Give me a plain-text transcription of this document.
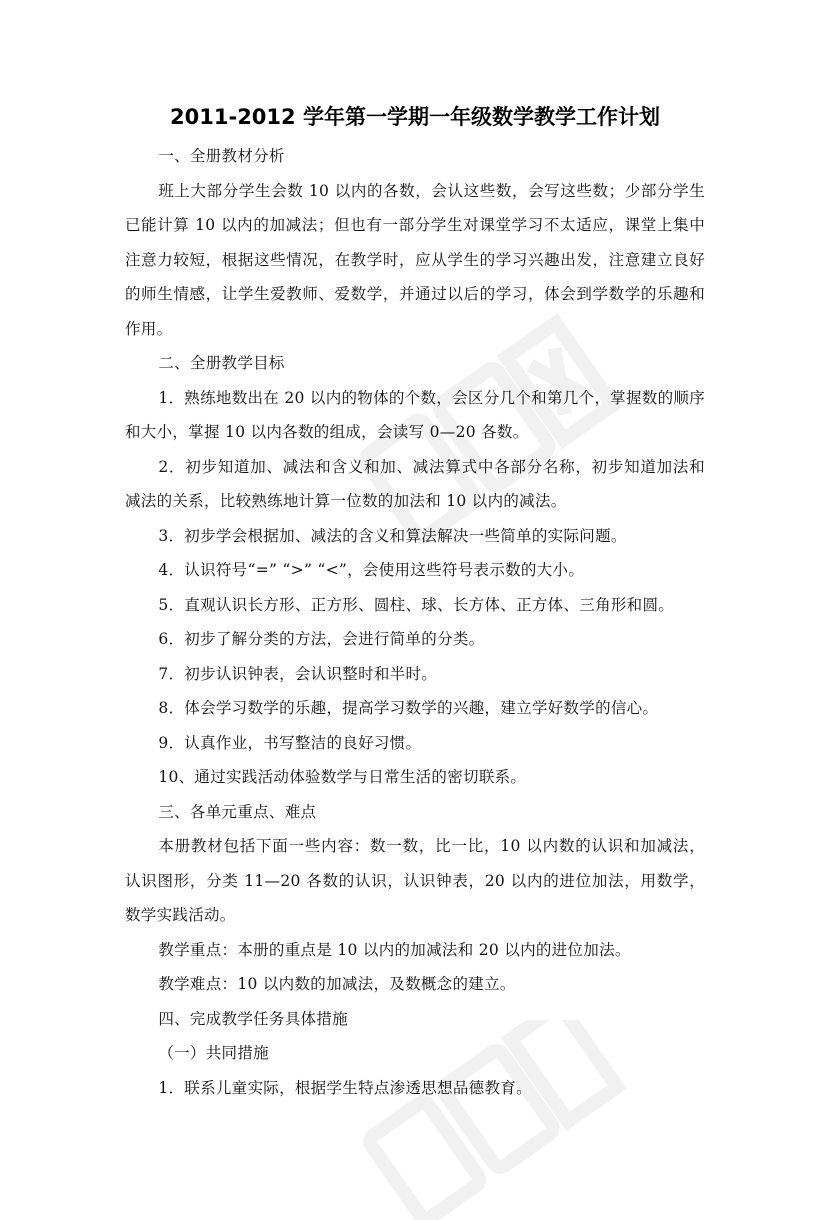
2011-2012 学年第一学期一年级数学教学工作计划

一、全册教材分析

班上大部分学生会数 10 以内的各数，会认这些数，会写这些数；少部分学生已能计算 10 以内的加减法；但也有一部分学生对课堂学习不太适应，课堂上集中注意力较短，根据这些情况，在教学时，应从学生的学习兴趣出发，注意建立良好的师生情感，让学生爱教师、爱数学，并通过以后的学习，体会到学数学的乐趣和作用。

二、全册教学目标

1．熟练地数出在 20 以内的物体的个数，会区分几个和第几个，掌握数的顺序和大小，掌握 10 以内各数的组成，会读写 0—20 各数。

2．初步知道加、减法和含义和加、减法算式中各部分名称，初步知道加法和减法的关系，比较熟练地计算一位数的加法和 10 以内的减法。

3．初步学会根据加、减法的含义和算法解决一些简单的实际问题。

4．认识符号“=” “>” “<”，会使用这些符号表示数的大小。

5．直观认识长方形、正方形、圆柱、球、长方体、正方体、三角形和圆。

6．初步了解分类的方法，会进行简单的分类。

7．初步认识钟表，会认识整时和半时。

8．体会学习数学的乐趣，提高学习数学的兴趣，建立学好数学的信心。

9．认真作业，书写整洁的良好习惯。

10、通过实践活动体验数学与日常生活的密切联系。

三、各单元重点、难点

本册教材包括下面一些内容：数一数，比一比，10 以内数的认识和加减法，认识图形，分类 11—20 各数的认识，认识钟表，20 以内的进位加法，用数学，数学实践活动。

教学重点：本册的重点是 10 以内的加减法和 20 以内的进位加法。

教学难点：10 以内数的加减法，及数概念的建立。

四、完成教学任务具体措施

（一）共同措施

1．联系儿童实际，根据学生特点渗透思想品德教育。
